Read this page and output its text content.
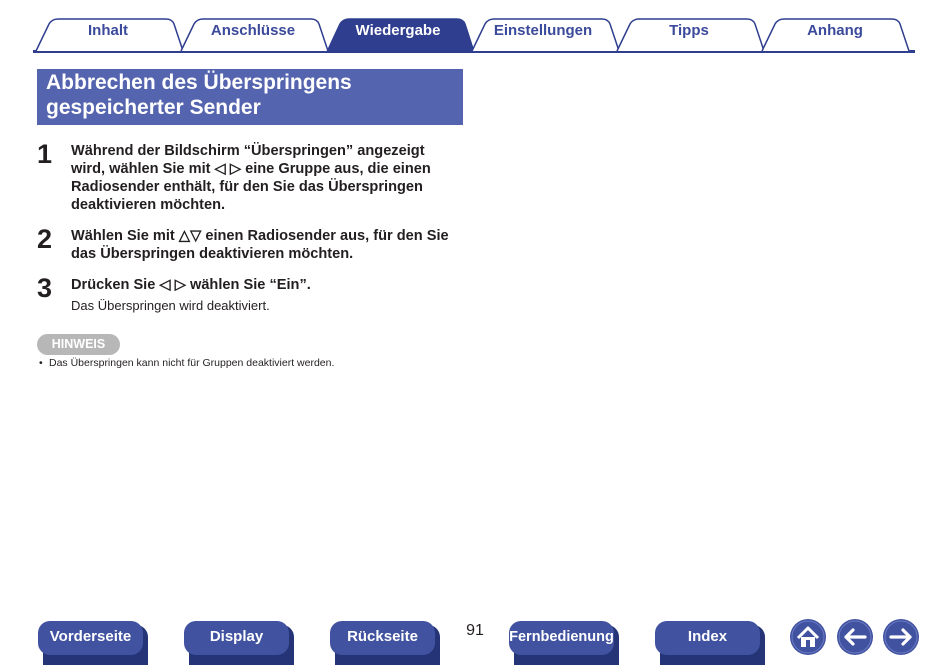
Inhalt	Anschlüsse	Wiedergabe	Einstellungen	Tipps	Anhang
Abbrechen des Überspringens
gespeicherter Sender
1 Während der Bildschirm “Überspringen” angezeigt
wird, wählen Sie mit ◁ ▷ eine Gruppe aus, die einen
Radiosender enthält, für den Sie das Überspringen
deaktivieren möchten.
2 Wählen Sie mit △▽ einen Radiosender aus, für den Sie
das Überspringen deaktivieren möchten.
3 Drücken Sie ◁ ▷ wählen Sie “Ein”.
Das Überspringen wird deaktiviert.
HINWEIS
• Das Überspringen kann nicht für Gruppen deaktiviert werden.
Vorderseite	Display	Rückseite	91	Fernbedienung	Index
